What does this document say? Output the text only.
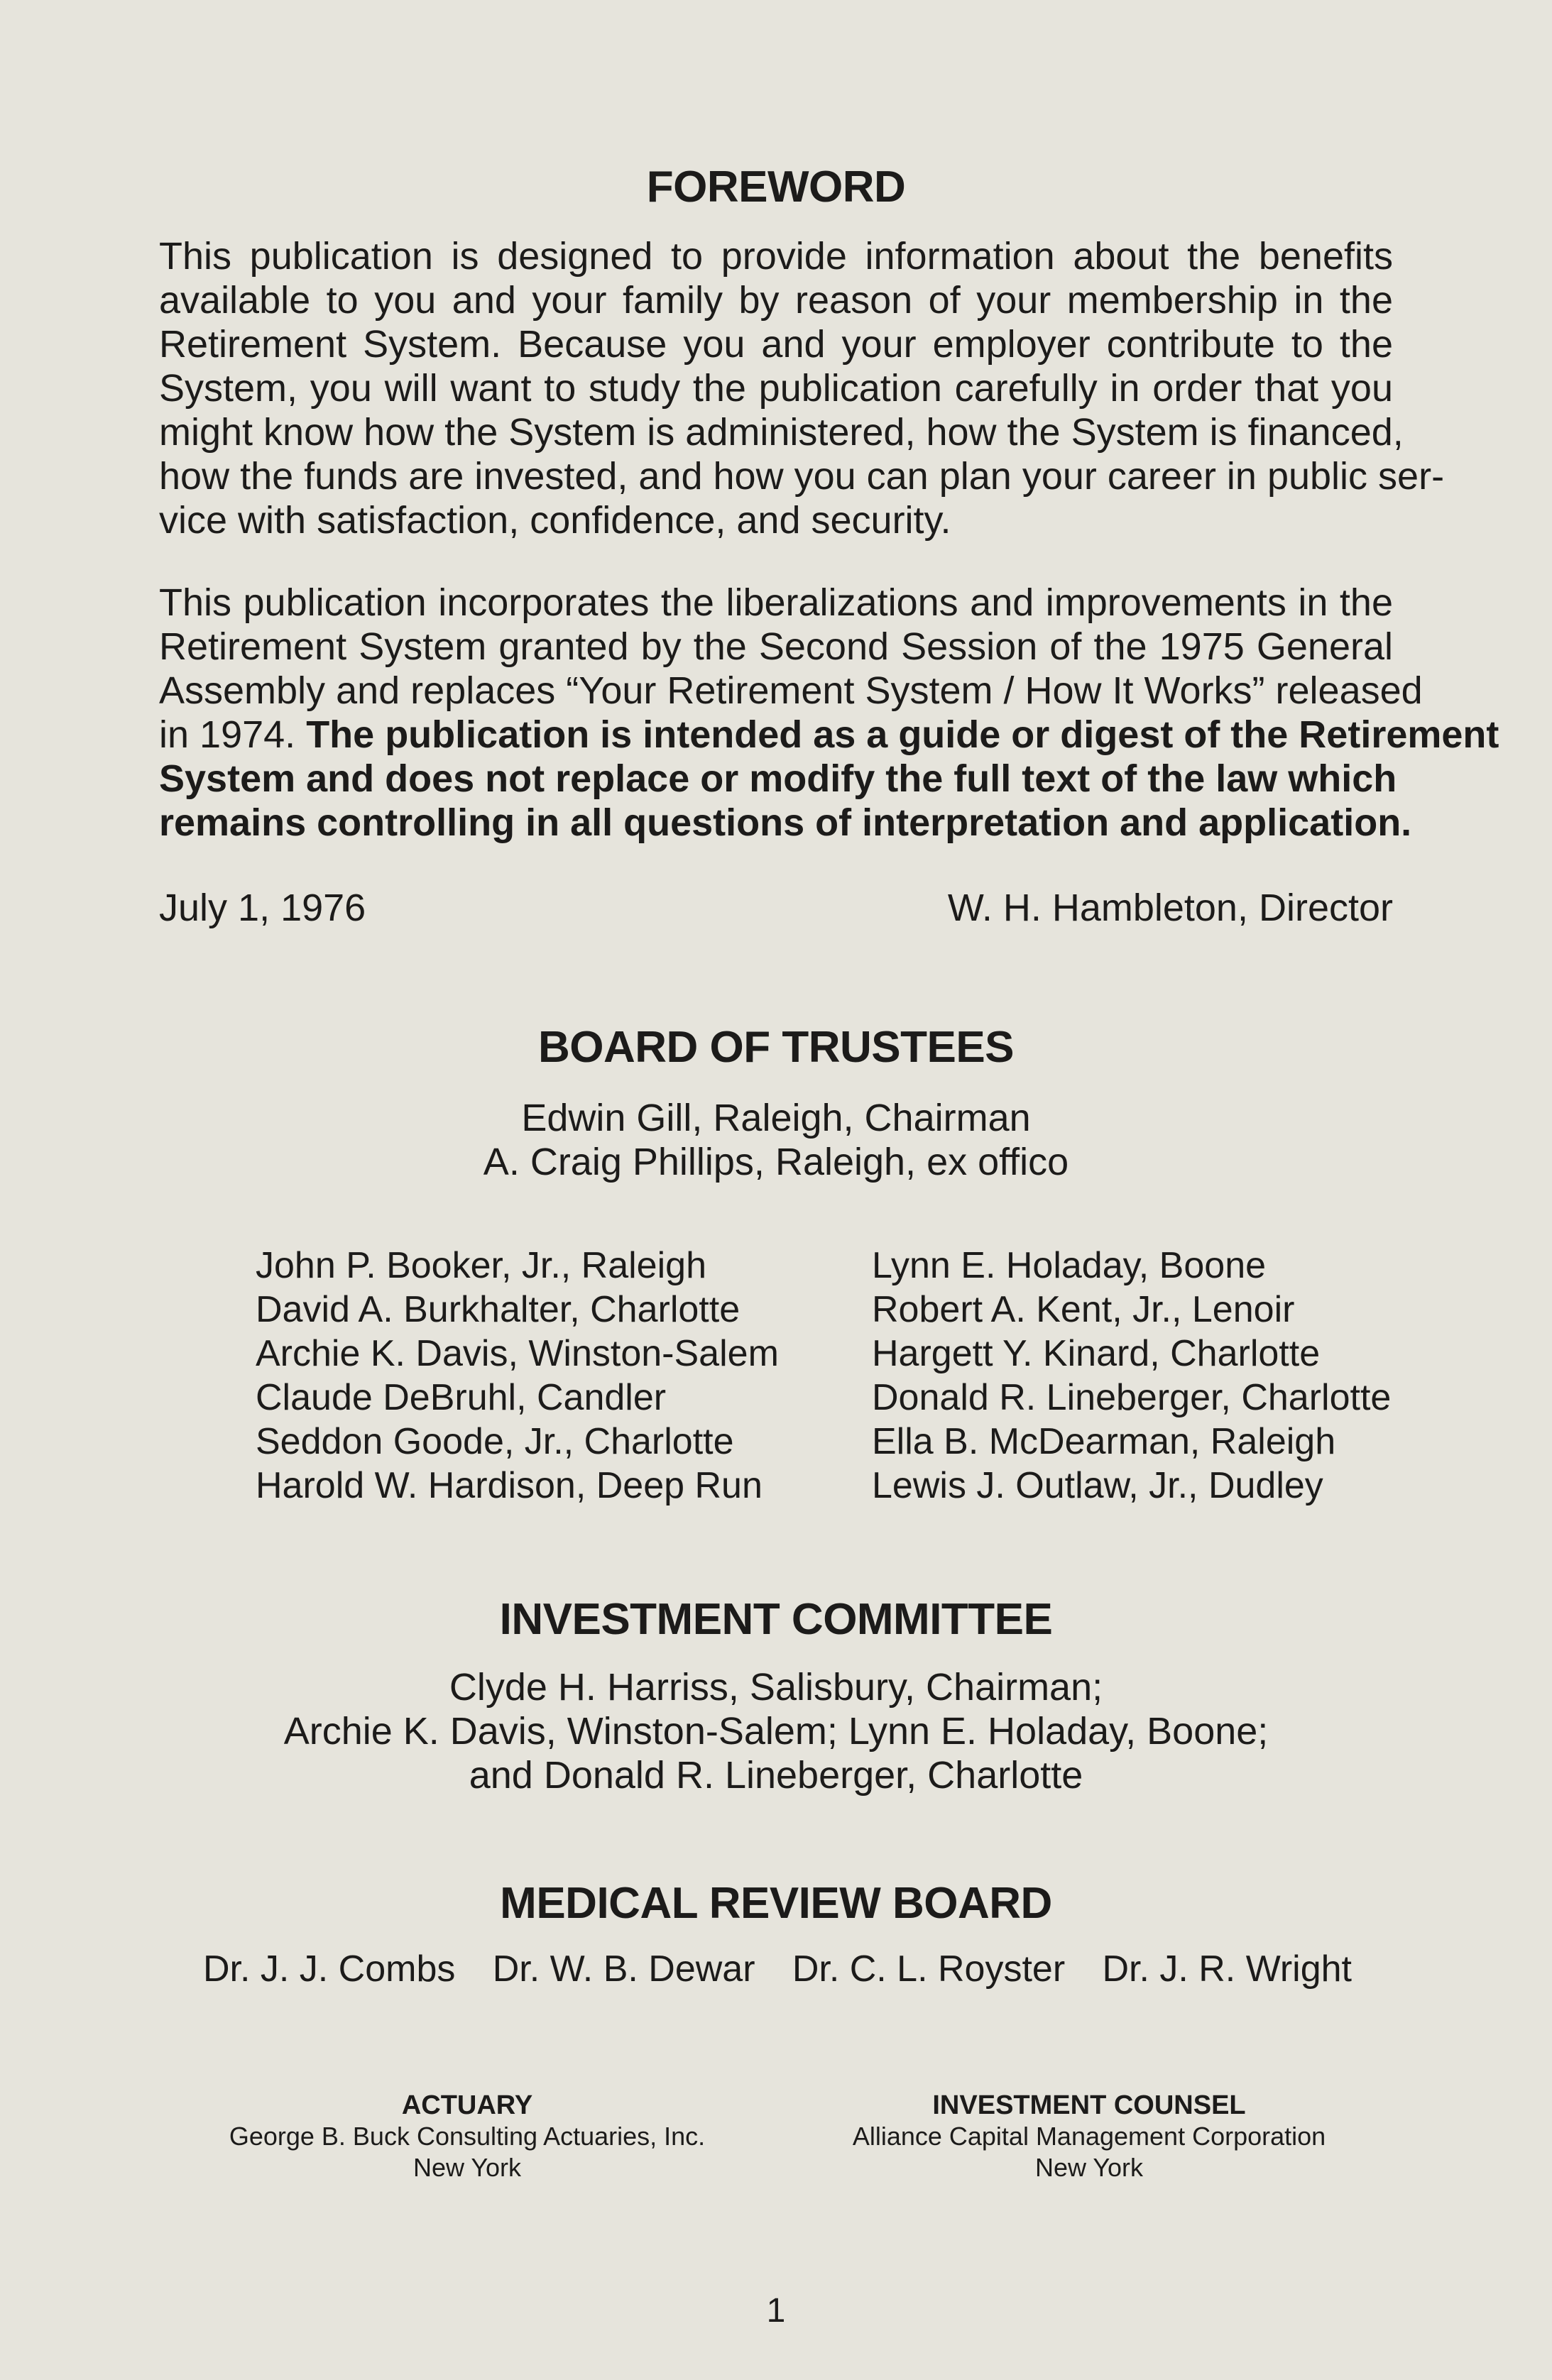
FOREWORD
This publication is designed to provide information about the benefits
available to you and your family by reason of your membership in the
Retirement System. Because you and your employer contribute to the
System, you will want to study the publication carefully in order that you
might know how the System is administered, how the System is financed,
how the funds are invested, and how you can plan your career in public ser-
vice with satisfaction, confidence, and security.
This publication incorporates the liberalizations and improvements in the
Retirement System granted by the Second Session of the 1975 General
Assembly and replaces “Your Retirement System / How It Works” released
in 1974. The publication is intended as a guide or digest of the Retirement
System and does not replace or modify the full text of the law which
remains controlling in all questions of interpretation and application.
July 1, 1976	W. H. Hambleton, Director
BOARD OF TRUSTEES
Edwin Gill, Raleigh, Chairman
A. Craig Phillips, Raleigh, ex offico
John P. Booker, Jr., Raleigh
David A. Burkhalter, Charlotte
Archie K. Davis, Winston-Salem
Claude DeBruhl, Candler
Seddon Goode, Jr., Charlotte
Harold W. Hardison, Deep Run
Lynn E. Holaday, Boone
Robert A. Kent, Jr., Lenoir
Hargett Y. Kinard, Charlotte
Donald R. Lineberger, Charlotte
Ella B. McDearman, Raleigh
Lewis J. Outlaw, Jr., Dudley
INVESTMENT COMMITTEE
Clyde H. Harriss, Salisbury, Chairman;
Archie K. Davis, Winston-Salem; Lynn E. Holaday, Boone;
and Donald R. Lineberger, Charlotte
MEDICAL REVIEW BOARD
Dr. J. J. Combs Dr. W. B. Dewar Dr. C. L. Royster Dr. J. R. Wright
ACTUARY
George B. Buck Consulting Actuaries, Inc.
New York
INVESTMENT COUNSEL
Alliance Capital Management Corporation
New York
1
